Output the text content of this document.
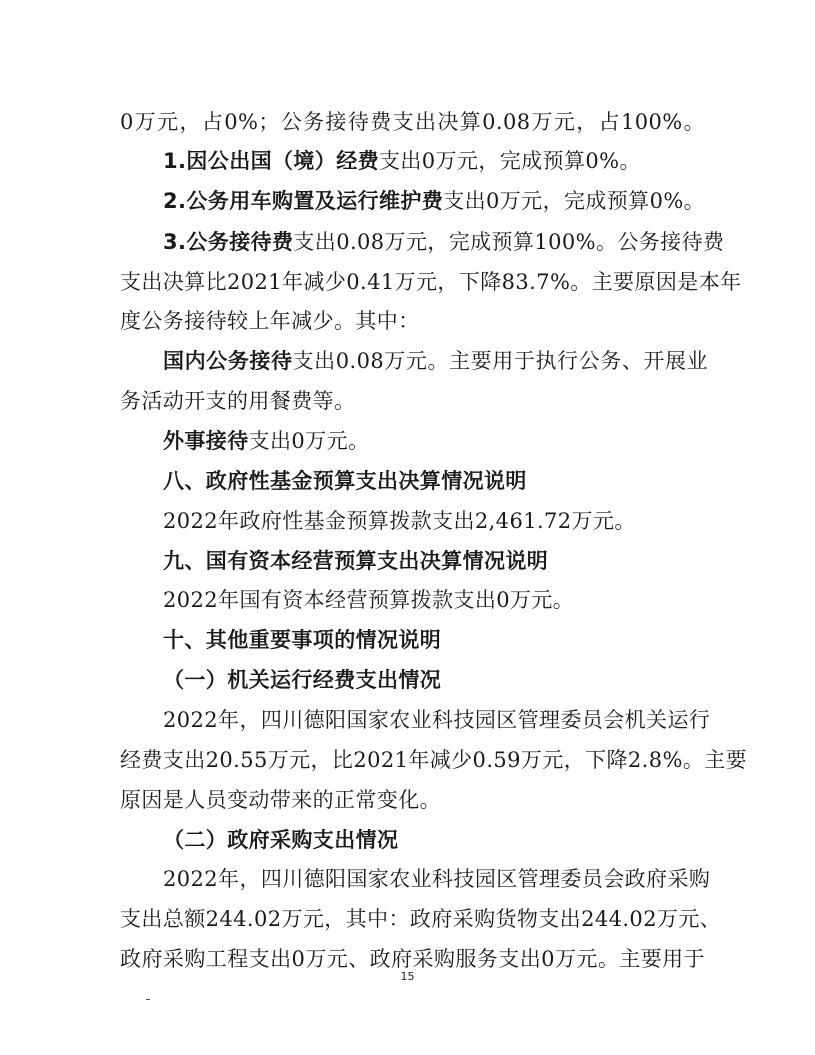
0万元，占0%；公务接待费支出决算0.08万元，占100%。
1.因公出国（境）经费支出0万元，完成预算0%。
2.公务用车购置及运行维护费支出0万元，完成预算0%。
3.公务接待费支出0.08万元，完成预算100%。公务接待费
支出决算比2021年减少0.41万元，下降83.7%。主要原因是本年
度公务接待较上年减少。其中：
国内公务接待支出0.08万元。主要用于执行公务、开展业
务活动开支的用餐费等。
外事接待支出0万元。
八、政府性基金预算支出决算情况说明
2022年政府性基金预算拨款支出2,461.72万元。
九、国有资本经营预算支出决算情况说明
2022年国有资本经营预算拨款支出0万元。
十、其他重要事项的情况说明
（一）机关运行经费支出情况
2022年，四川德阳国家农业科技园区管理委员会机关运行
经费支出20.55万元，比2021年减少0.59万元，下降2.8%。主要
原因是人员变动带来的正常变化。
（二）政府采购支出情况
2022年，四川德阳国家农业科技园区管理委员会政府采购
支出总额244.02万元，其中：政府采购货物支出244.02万元、
政府采购工程支出0万元、政府采购服务支出0万元。主要用于
15
